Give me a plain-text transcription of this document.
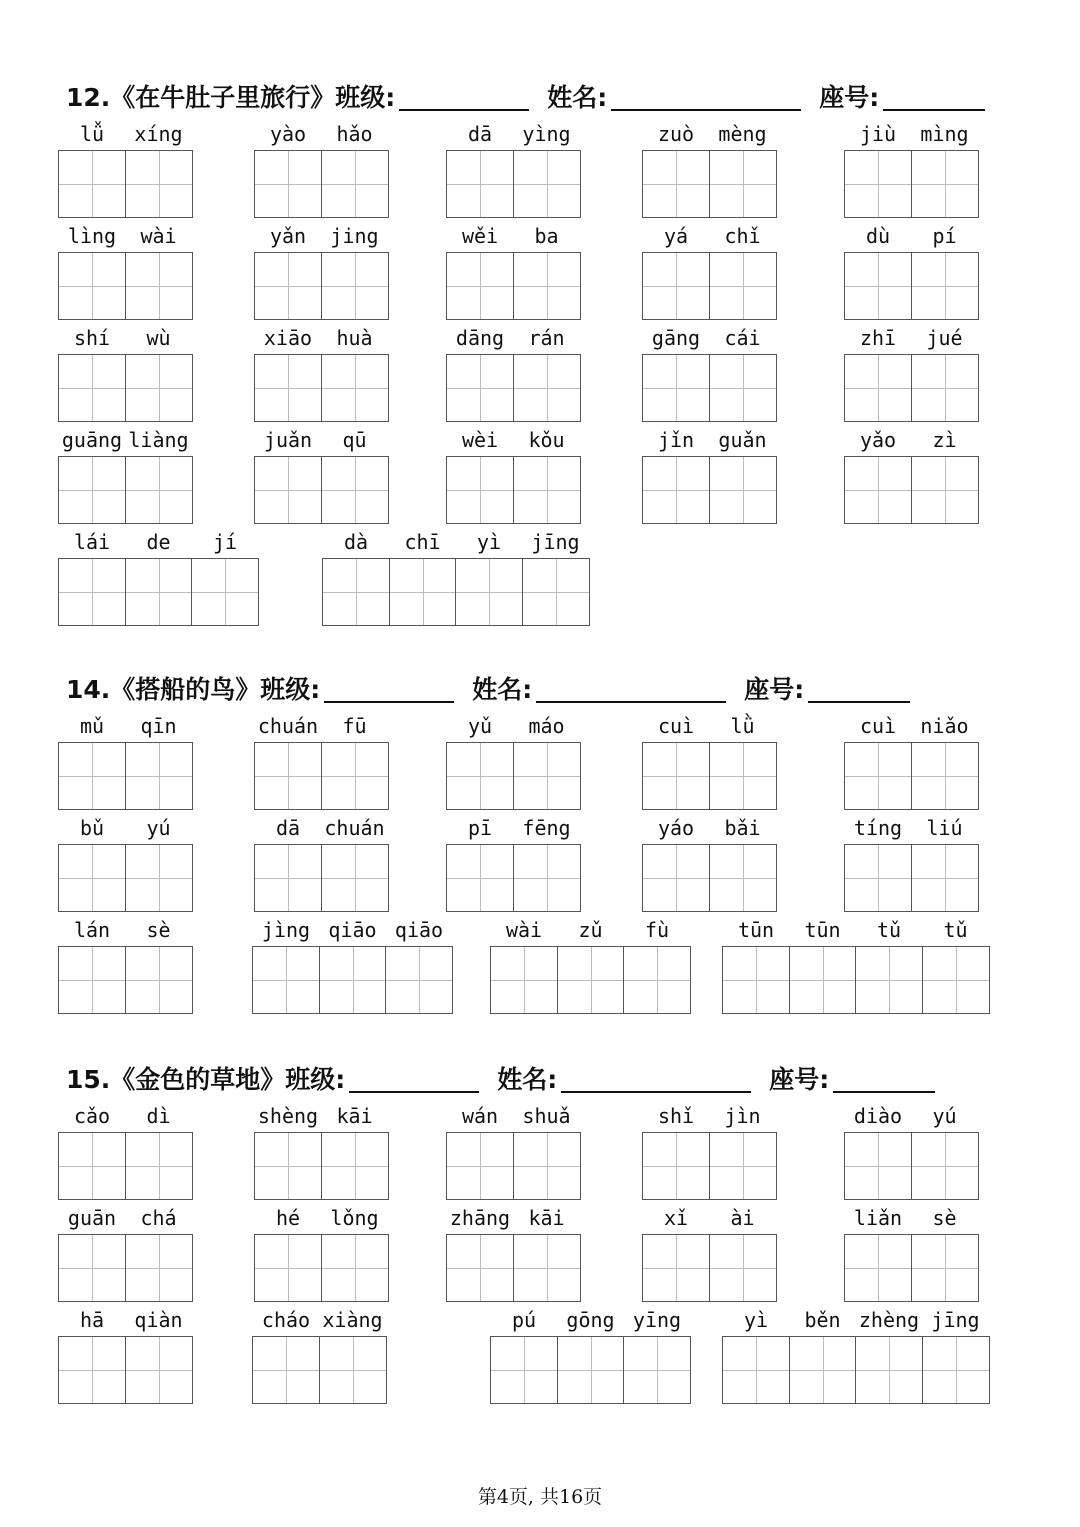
12.《在牛肚子里旅行》 班级:	姓名:	座号:
lǚ	xíng	yào	hǎo	dā	yìng	zuò	mèng	jiù	mìng
lìng	wài	yǎn	jing	wěi	ba	yá	chǐ	dù	pí
shí	wù	xiāo	huà	dāng	rán	gāng	cái	zhī	jué
guāng liàng	juǎn	qū	wèi	kǒu	jǐn	guǎn	yǎo	zì
lái	de	jí	dà	chī	yì	jīng
14.《搭船的鸟》 班级:	姓名:	座号:
mǔ	qīn	chuán	fū	yǔ	máo	cuì	lǜ	cuì	niǎo
bǔ	yú	dā	chuán	pī	fēng	yáo	bǎi	tíng	liú
lán	sè	jìng qiāo qiāo	wài	zǔ	fù	tūn	tūn	tǔ	tǔ
15.《金色的草地》 班级:	姓名:	座号:
cǎo	dì	shèng kāi	wán	shuǎ	shǐ	jìn	diào	yú
guān	chá	hé	lǒng	zhāng kāi	xǐ	ài	liǎn	sè
hā	qiàn	cháo xiàng	pú	gōng yīng	yì	běn zhèng jīng
第4页, 共16页
